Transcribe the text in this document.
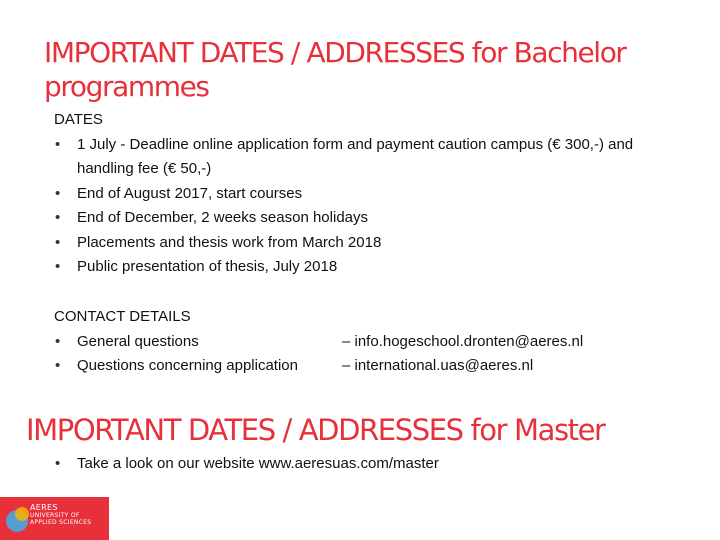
IMPORTANT DATES / ADDRESSES for Bachelor programmes
DATES
• 1 July - Deadline online application form and payment caution campus (€ 300,-) and handling fee (€ 50,-)
• End of August 2017, start courses
• End of December, 2 weeks season holidays
• Placements and thesis work from March 2018
• Public presentation of thesis, July 2018
CONTACT DETAILS
• General questions	– info.hogeschool.dronten@aeres.nl
• Questions concerning application	– international.uas@aeres.nl
IMPORTANT DATES / ADDRESSES for Master
• Take a look on our website www.aeresuas.com/master
AERES
UNIVERSITY OF
APPLIED SCIENCES
